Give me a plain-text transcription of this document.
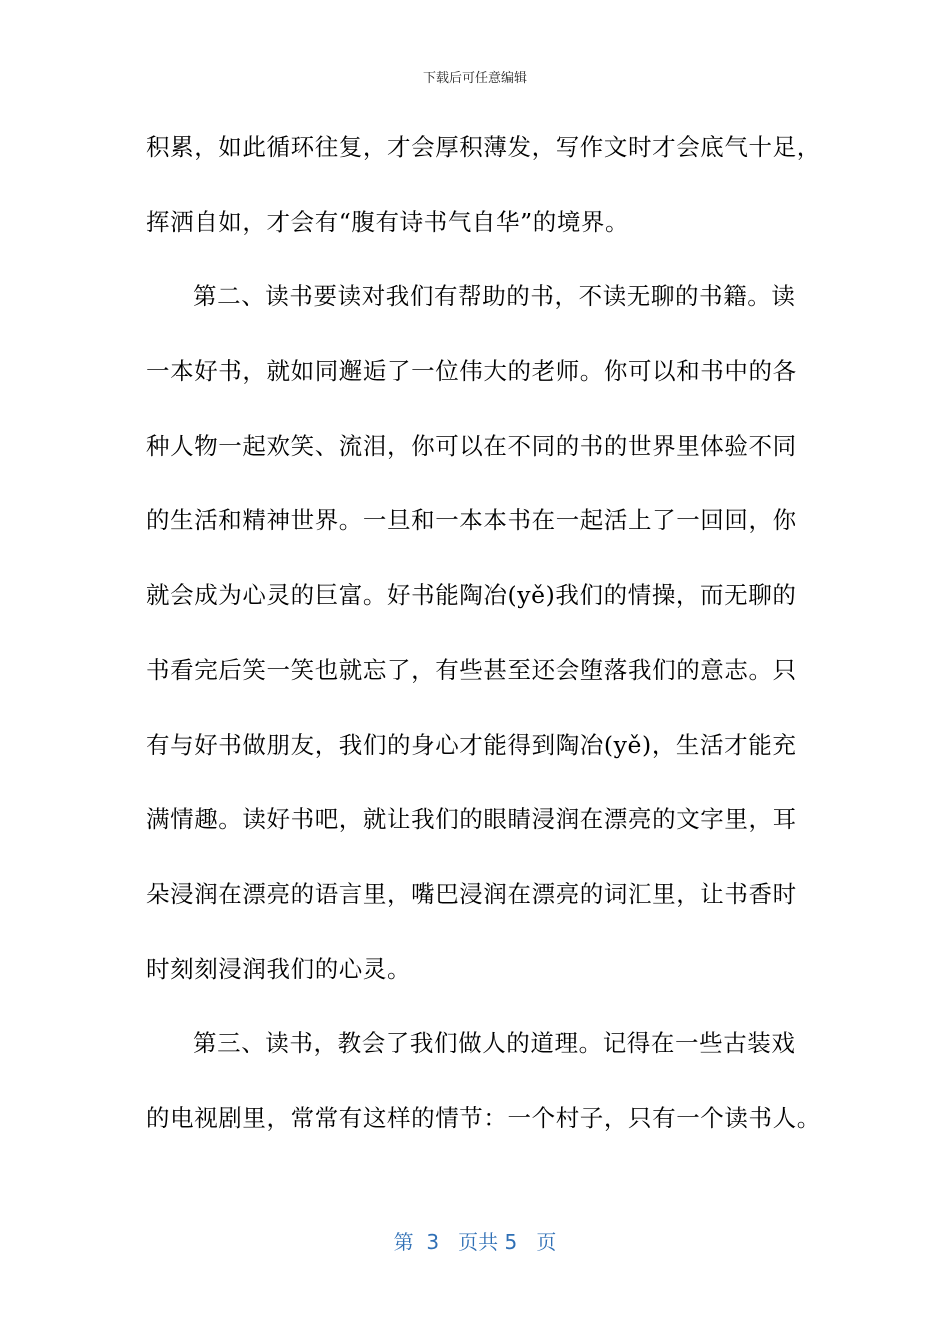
下载后可任意编辑
积累，如此循环往复，才会厚积薄发，写作文时才会底气十足，
挥洒自如，才会有“腹有诗书气自华”的境界。
第二、读书要读对我们有帮助的书，不读无聊的书籍。读
一本好书，就如同邂逅了一位伟大的老师。你可以和书中的各
种人物一起欢笑、流泪，你可以在不同的书的世界里体验不同
的生活和精神世界。一旦和一本本书在一起活上了一回回，你
就会成为心灵的巨富。好书能陶冶(yě)我们的情操，而无聊的
书看完后笑一笑也就忘了，有些甚至还会堕落我们的意志。只
有与好书做朋友，我们的身心才能得到陶冶(yě)，生活才能充
满情趣。读好书吧，就让我们的眼睛浸润在漂亮的文字里，耳
朵浸润在漂亮的语言里，嘴巴浸润在漂亮的词汇里，让书香时
时刻刻浸润我们的心灵。
第三、读书，教会了我们做人的道理。记得在一些古装戏
的电视剧里，常常有这样的情节：一个村子，只有一个读书人。
第  3   页共 5   页
